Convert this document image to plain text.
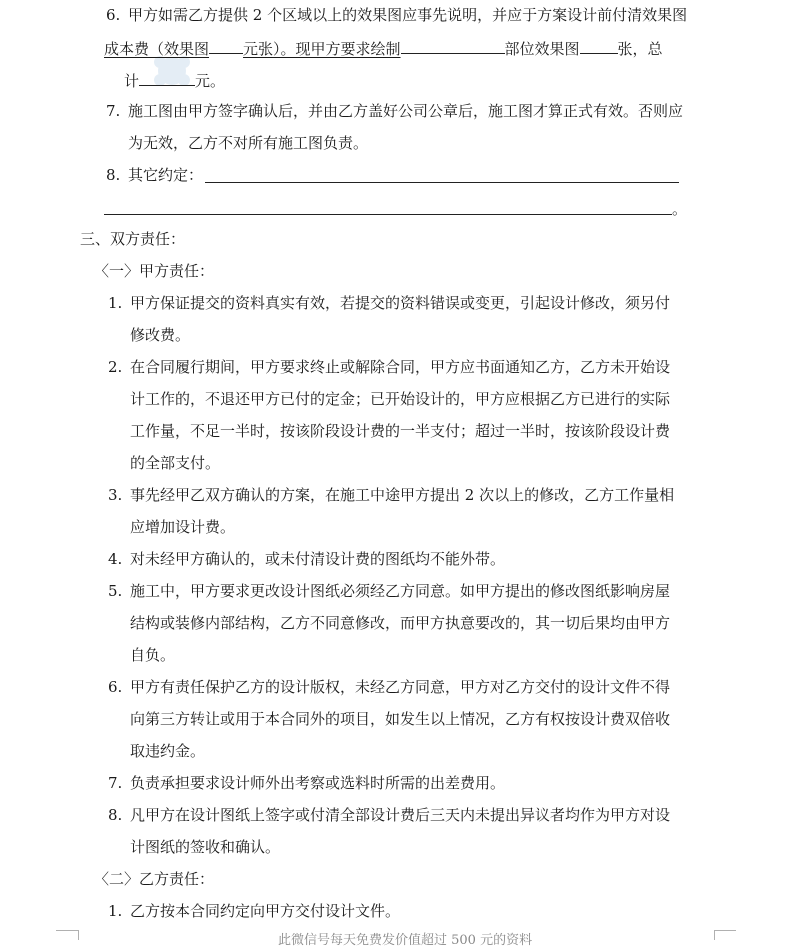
6. 甲方如需乙方提供 2 个区域以上的效果图应事先说明，并应于方案设计前付清效果图
成本费（效果图 元张）。现甲方要求绘制	部位效果图	张，总
计	元。
7. 施工图由甲方签字确认后，并由乙方盖好公司公章后，施工图才算正式有效。否则应
为无效，乙方不对所有施工图负责。
8. 其它约定：
。
三、双方责任：
〈一〉甲方责任：
1. 甲方保证提交的资料真实有效，若提交的资料错误或变更，引起设计修改，须另付
修改费。
2. 在合同履行期间，甲方要求终止或解除合同，甲方应书面通知乙方，乙方未开始设
计工作的，不退还甲方已付的定金；已开始设计的，甲方应根据乙方已进行的实际
工作量，不足一半时，按该阶段设计费的一半支付；超过一半时，按该阶段设计费
的全部支付。
3. 事先经甲乙双方确认的方案，在施工中途甲方提出 2 次以上的修改，乙方工作量相
应增加设计费。
4. 对未经甲方确认的，或未付清设计费的图纸均不能外带。
5. 施工中，甲方要求更改设计图纸必须经乙方同意。如甲方提出的修改图纸影响房屋
结构或装修内部结构，乙方不同意修改，而甲方执意要改的，其一切后果均由甲方
自负。
6. 甲方有责任保护乙方的设计版权，未经乙方同意，甲方对乙方交付的设计文件不得
向第三方转让或用于本合同外的项目，如发生以上情况，乙方有权按设计费双倍收
取违约金。
7. 负责承担要求设计师外出考察或选料时所需的出差费用。
8. 凡甲方在设计图纸上签字或付清全部设计费后三天内未提出异议者均作为甲方对设
计图纸的签收和确认。
〈二〉乙方责任：
1. 乙方按本合同约定向甲方交付设计文件。
此微信号每天免费发价值超过 500 元的资料
